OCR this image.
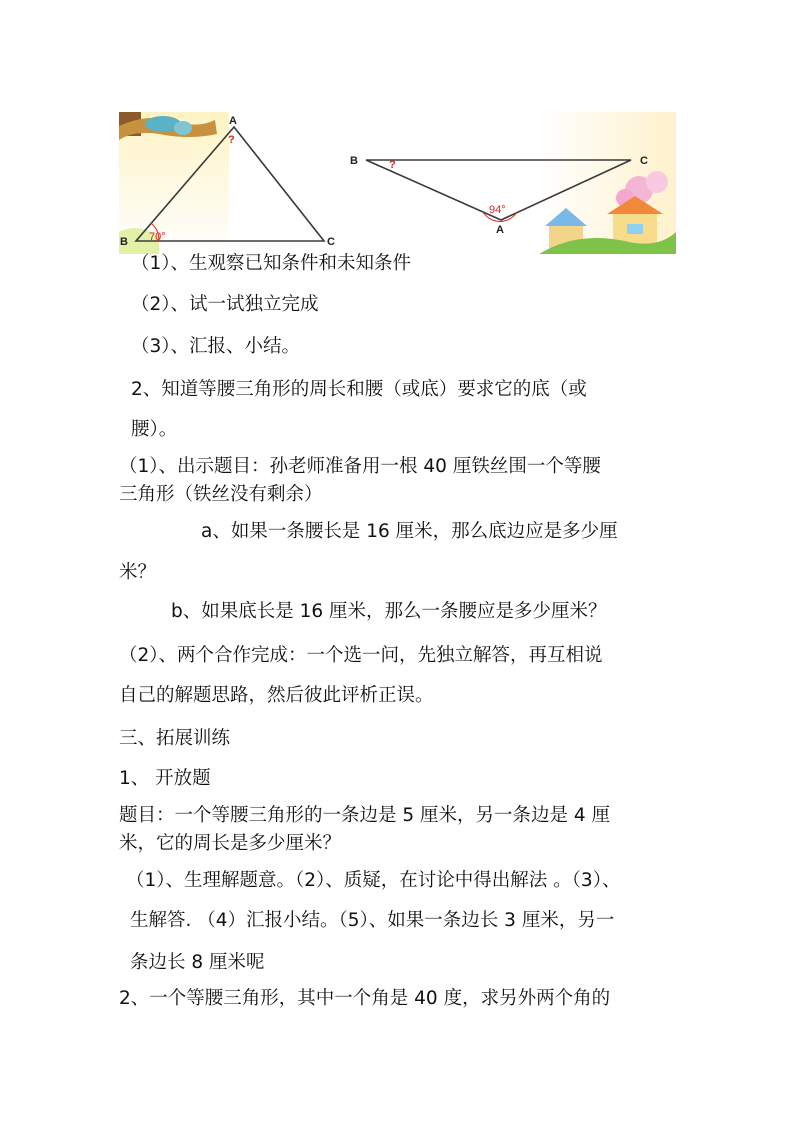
A
B	C
?
70°
B	C
A
?
94°
（1）、生观察已知条件和未知条件
（2）、试一试独立完成
（3）、汇报、小结。
2、知道等腰三角形的周长和腰（或底）要求它的底（或
腰）。
（1）、出示题目：孙老师准备用一根 40 厘铁丝围一个等腰
三角形（铁丝没有剩余）
a、如果一条腰长是 16 厘米，那么底边应是多少厘
米？
b、如果底长是 16 厘米，那么一条腰应是多少厘米？
（2）、两个合作完成：一个选一问，先独立解答，再互相说
自己的解题思路，然后彼此评析正误。
三、拓展训练
1、 开放题
题目：一个等腰三角形的一条边是 5 厘米，另一条边是 4 厘
米，它的周长是多少厘米？
（1）、生理解题意。（2）、质疑，在讨论中得出解法 。（3）、
生解答. （4）汇报小结。（5）、如果一条边长 3 厘米，另一
条边长 8 厘米呢
2、一个等腰三角形，其中一个角是 40 度，求另外两个角的
